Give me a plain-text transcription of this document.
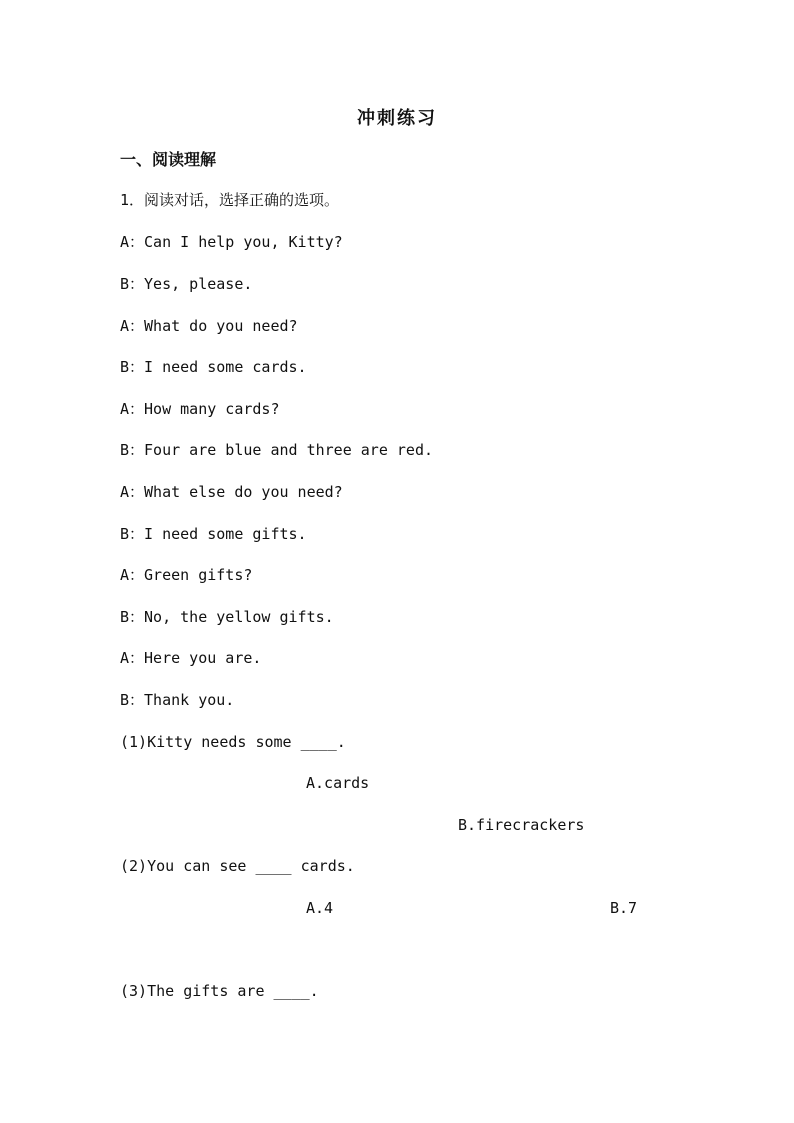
冲刺练习
一、阅读理解
1．阅读对话，选择正确的选项。
A：Can I help you, Kitty?
B：Yes, please.
A：What do you need?
B：I need some cards.
A：How many cards?
B：Four are blue and three are red.
A：What else do you need?
B：I need some gifts.
A：Green gifts?
B：No, the yellow gifts.
A：Here you are.
B：Thank you.
(1)Kitty needs some ____.
A.cards
B.firecrackers
(2)You can see ____ cards.
A.4	B.7
(3)The gifts are ____.
